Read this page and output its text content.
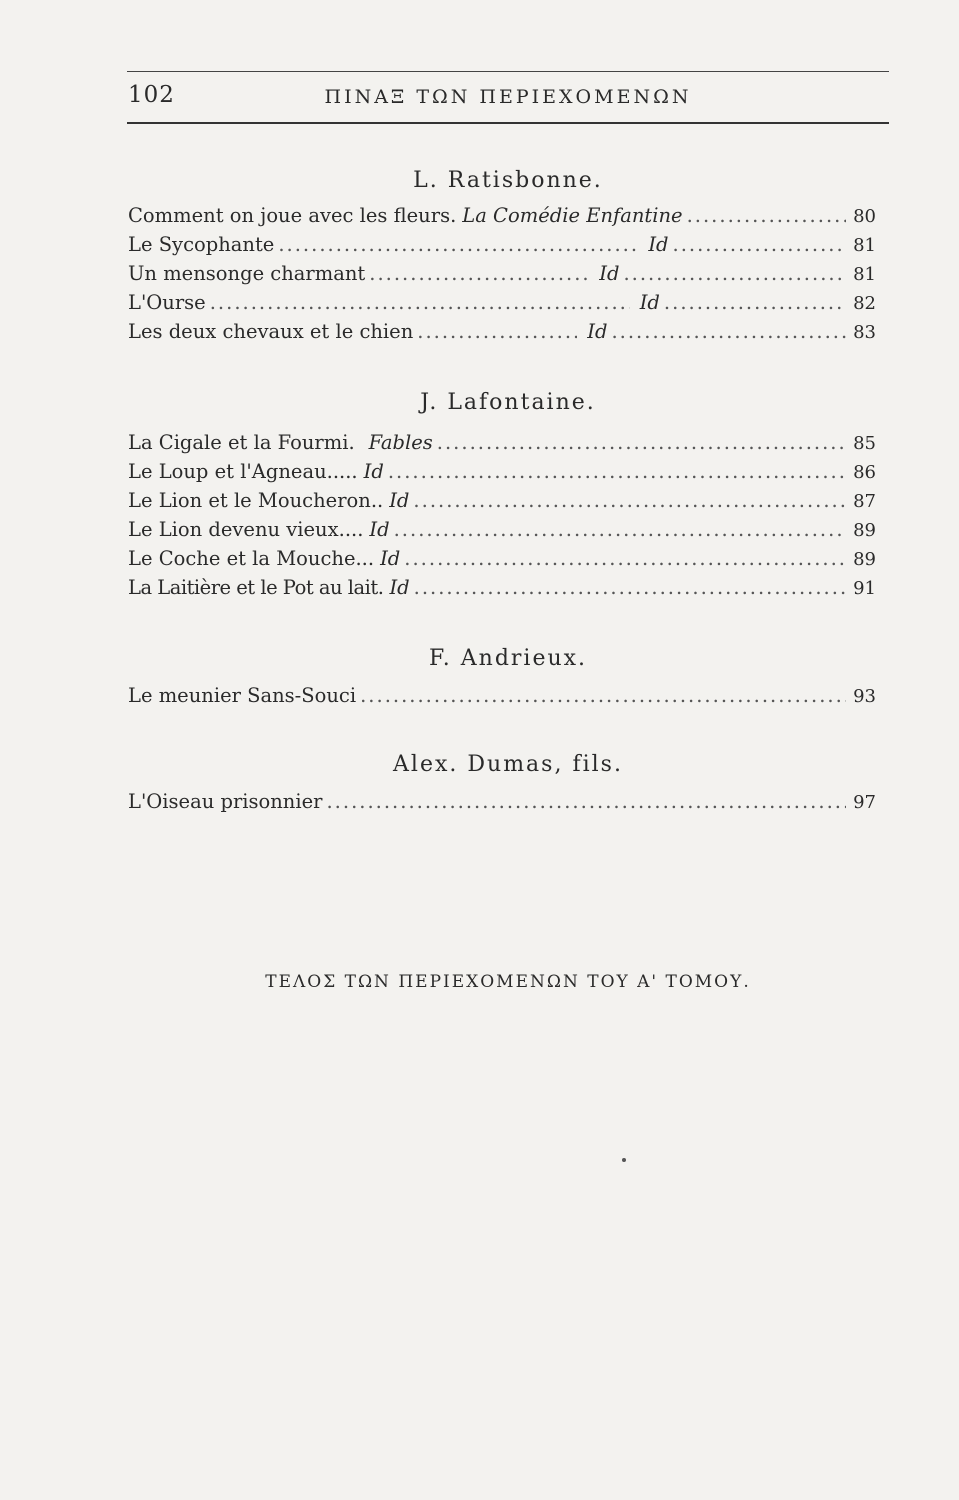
102	ΠΙΝΑΞ ΤΩΝ ΠΕΡΙΕΧΟΜΕΝΩΝ
L. Ratisbonne.
Comment on joue avec les fleurs. La Comédie Enfantine .....	80
Le Sycophante .....	Id .....	81
Un mensonge charmant .....	Id .....	81
L'Ourse .....	Id .....	82
Les deux chevaux et le chien .....	Id .....	83
J. Lafontaine.
La Cigale et la Fourmi. Fables .....	85
Le Loup et l'Agneau..... Id .....	86
Le Lion et le Moucheron.. Id .....	87
Le Lion devenu vieux.... Id .....	89
Le Coche et la Mouche... Id .....	89
La Laitière et le Pot au lait. Id .....	91
F. Andrieux.
Le meunier Sans-Souci .....	93
Alex. Dumas, fils.
L'Oiseau prisonnier .....	97
ΤΕΛΟΣ ΤΩΝ ΠΕΡΙΕΧΟΜΕΝΩΝ ΤΟΥ Α' ΤΟΜΟΥ.
